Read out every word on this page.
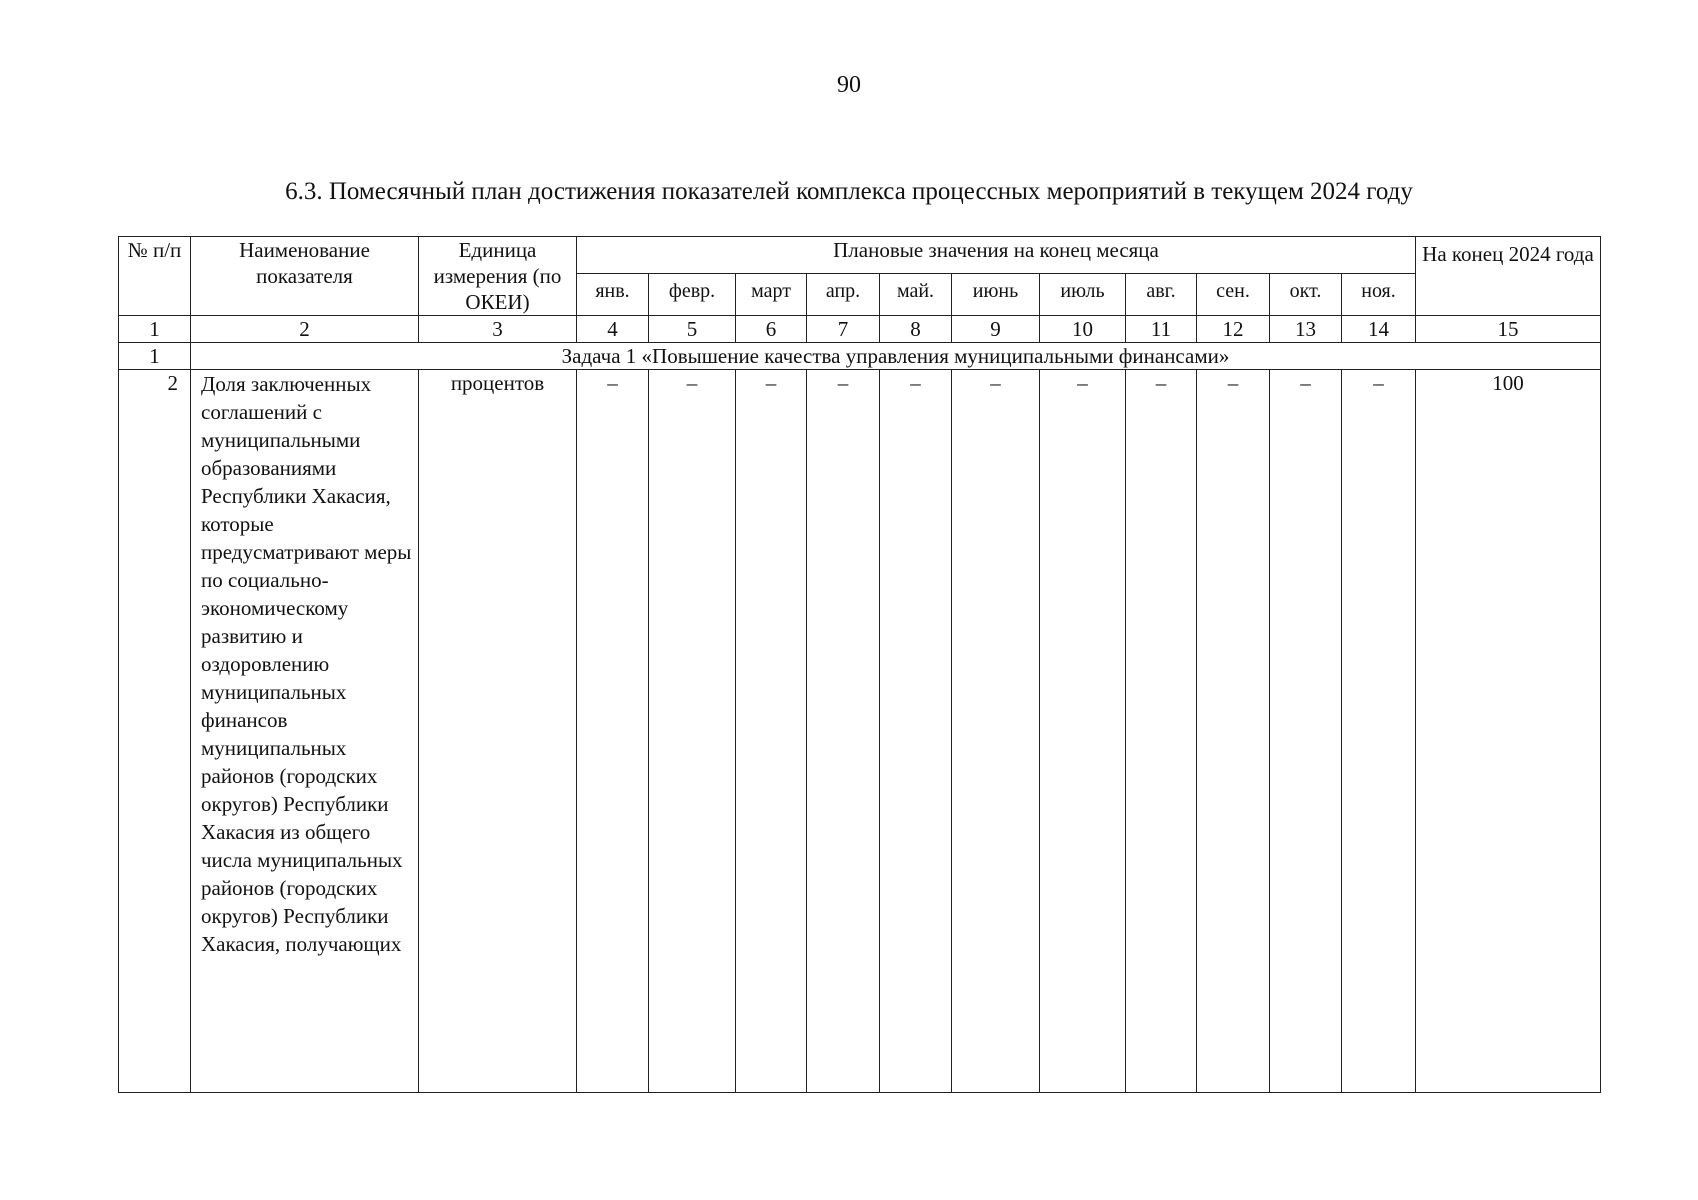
90
6.3. Помесячный план достижения показателей комплекса процессных мероприятий в текущем 2024 году
№ п/п	Наименование показателя	Единица измерения (по ОКЕИ)	Плановые значения на конец месяца											На конец 2024 года
			янв.	февр.	март	апр.	май.	июнь	июль	авг.	сен.	окт.	ноя.	
1	2	3	4	5	6	7	8	9	10	11	12	13	14	15
1	Задача 1 «Повышение качества управления муниципальными финансами»													
2	Доля заключенных соглашений с муниципальными образованиями Республики Хакасия, которые предусматривают меры по социально-экономическому развитию и оздоровлению муниципальных финансов муниципальных районов (городских округов) Республики Хакасия из общего числа муниципальных районов (городских округов) Республики Хакасия, получающих	процентов	–	–	–	–	–	–	–	–	–	–	–	100
